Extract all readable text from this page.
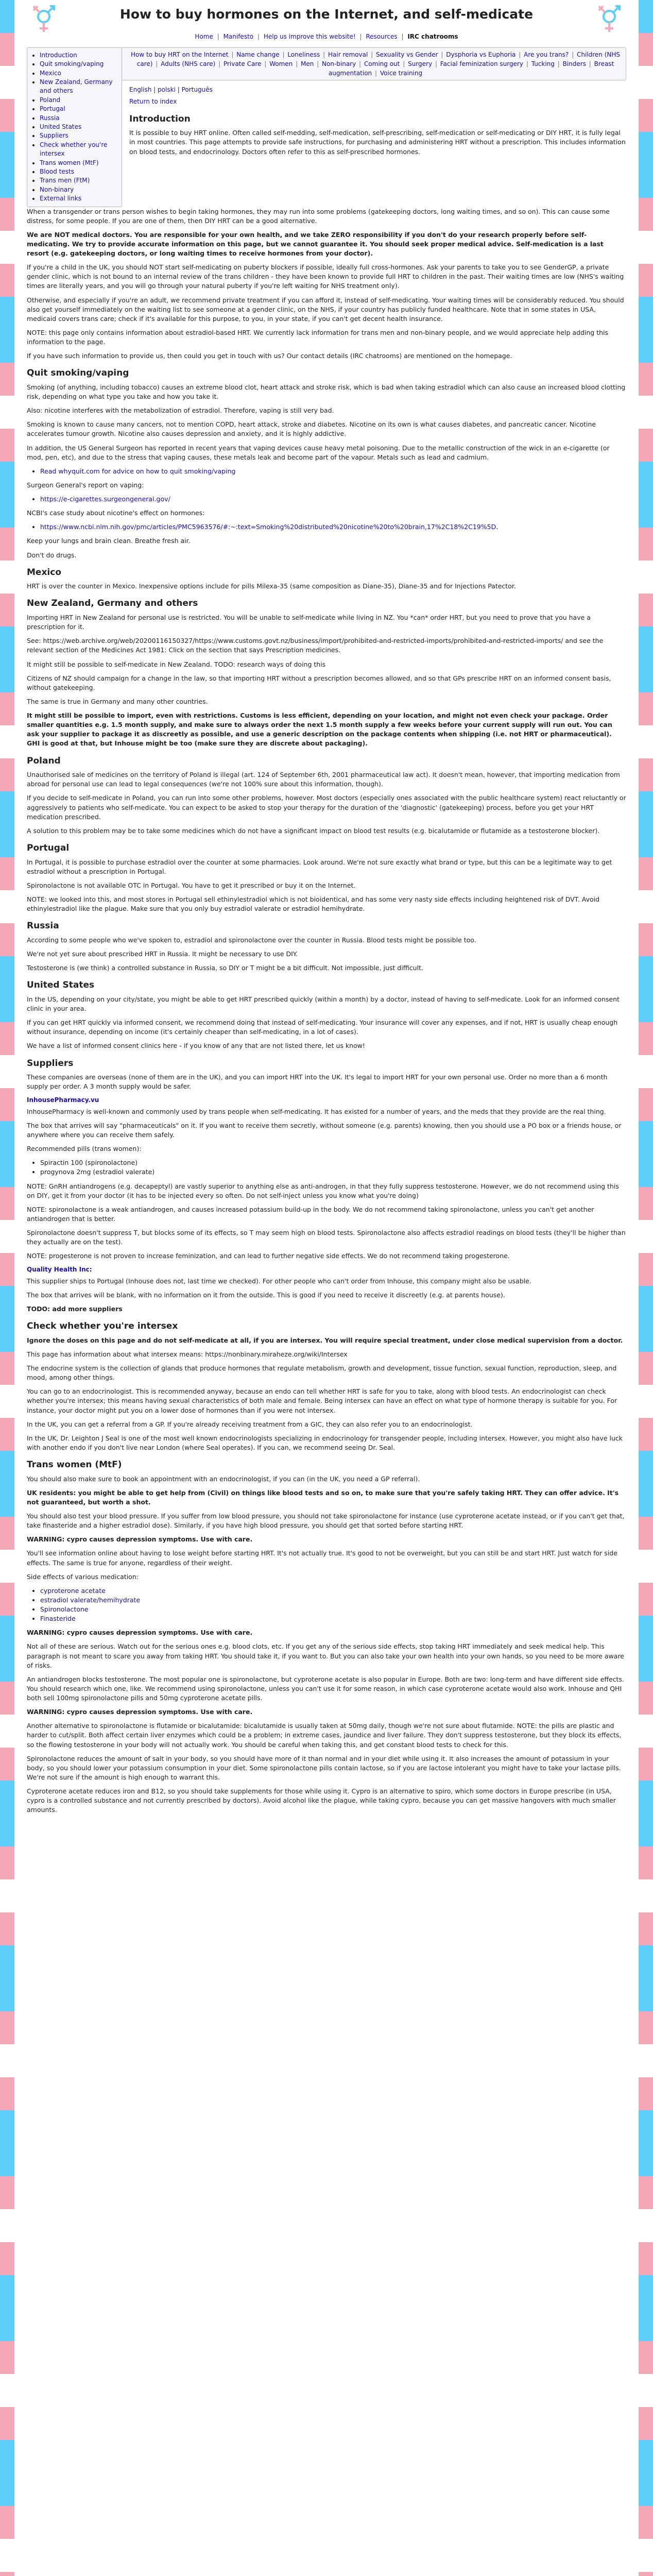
How to buy hormones on the Internet, and self-medicate
Home | Manifesto | Help us improve this website! | Resources | IRC chatrooms
• Introduction
• Quit smoking/vaping
• Mexico
• New Zealand, Germany and others
• Poland
• Portugal
• Russia
• United States
• Suppliers
• Check whether you're intersex
• Trans women (MtF)
• Blood tests
• Trans men (FtM)
• Non-binary
• External links
How to buy HRT on the Internet | Name change | Loneliness | Hair removal | Sexuality vs Gender | Dysphoria vs Euphoria | Are you trans? | Children (NHS care) | Adults (NHS care) | Private Care | Women | Men | Non-binary | Coming out | Surgery | Facial feminization surgery | Tucking | Binders | Breast augmentation | Voice training
English | polski | Português
Return to index
Introduction

It is possible to buy HRT online. Often called self-medding, self-medication, self-prescribing, self-medication or self-medicating or DIY HRT, it is fully legal in most countries. This page attempts to provide safe instructions, for purchasing and administering HRT without a prescription. This includes information on blood tests, and endocrinology. Doctors often refer to this as self-prescribed hormones.

When a transgender or trans person wishes to begin taking hormones, they may run into some problems (gatekeeping doctors, long waiting times, and so on). This can cause some distress, for some people. If you are one of them, then DIY HRT can be a good alternative.

We are NOT medical doctors. You are responsible for your own health, and we take ZERO responsibility if you don't do your research properly before self-medicating. We try to provide accurate information on this page, but we cannot guarantee it. You should seek proper medical advice. Self-medication is a last resort (e.g. gatekeeping doctors, or long waiting times to receive hormones from your doctor).

If you're a child in the UK, you should NOT start self-medicating on puberty blockers if possible, ideally full cross-hormones. Ask your parents to take you to see GenderGP, a private gender clinic, which is not bound to an internal review of the trans children - they have been known to provide full HRT to children in the past. Their waiting times are low (NHS's waiting times are literally years, and you will go through your natural puberty if you're left waiting for NHS treatment only).

Otherwise, and especially if you're an adult, we recommend private treatment if you can afford it, instead of self-medicating. Your waiting times will be considerably reduced. You should also get yourself immediately on the waiting list to see someone at a gender clinic, on the NHS, if your country has publicly funded healthcare. Note that in some states in USA, medicaid covers trans care; check if it's available for this purpose, to you, in your state, if you can't get decent health insurance.

NOTE: this page only contains information about estradiol-based HRT. We currently lack information for trans men and non-binary people, and we would appreciate help adding this information to the page.

If you have such information to provide us, then could you get in touch with us? Our contact details (IRC chatrooms) are mentioned on the homepage.

Quit smoking/vaping

Smoking (of anything, including tobacco) causes an extreme blood clot, heart attack and stroke risk, which is bad when taking estradiol which can also cause an increased blood clotting risk, depending on what type you take and how you take it.

Also: nicotine interferes with the metabolization of estradiol. Therefore, vaping is still very bad.

Smoking is known to cause many cancers, not to mention COPD, heart attack, stroke and diabetes. Nicotine on its own is what causes diabetes, and pancreatic cancer. Nicotine accelerates tumour growth. Nicotine also causes depression and anxiety, and it is highly addictive.

In addition, the US General Surgeon has reported in recent years that vaping devices cause heavy metal poisoning. Due to the metallic construction of the wick in an e-cigarette (or mod, pen, etc), and due to the stress that vaping causes, these metals leak and become part of the vapour. Metals such as lead and cadmium.

• Read whyquit.com for advice on how to quit smoking/vaping

Surgeon General's report on vaping:

• https://e-cigarettes.surgeongeneral.gov/

NCBI's case study about nicotine's effect on hormones:

• https://www.ncbi.nlm.nih.gov/pmc/articles/PMC5963576/#:~:text=Smoking%20distributed%20nicotine%20to%20brain,17%2C18%2C19%5D.

Keep your lungs and brain clean. Breathe fresh air.

Don't do drugs.

Mexico

HRT is over the counter in Mexico. Inexpensive options include for pills Milexa-35 (same composition as Diane-35), Diane-35 and for Injections Patector.

New Zealand, Germany and others

Importing HRT in New Zealand for personal use is restricted. You will be unable to self-medicate while living in NZ. You *can* order HRT, but you need to prove that you have a prescription for it.

See: https://web.archive.org/web/20200116150327/https://www.customs.govt.nz/business/import/prohibited-and-restricted-imports/prohibited-and-restricted-imports/ and see the relevant section of the Medicines Act 1981: Click on the section that says Prescription medicines.

It might still be possible to self-medicate in New Zealand. TODO: research ways of doing this

Citizens of NZ should campaign for a change in the law, so that importing HRT without a prescription becomes allowed, and so that GPs prescribe HRT on an informed consent basis, without gatekeeping.

The same is true in Germany and many other countries.

It might still be possible to import, even with restrictions. Customs is less efficient, depending on your location, and might not even check your package. Order smaller quantities e.g. 1.5 month supply, and make sure to always order the next 1.5 month supply a few weeks before your current supply will run out. You can ask your supplier to package it as discreetly as possible, and use a generic description on the package contents when shipping (i.e. not HRT or pharmaceutical). GHI is good at that, but Inhouse might be too (make sure they are discrete about packaging).

Poland

Unauthorised sale of medicines on the territory of Poland is illegal (art. 124 of September 6th, 2001 pharmaceutical law act). It doesn't mean, however, that importing medication from abroad for personal use can lead to legal consequences (we're not 100% sure about this information, though).

If you decide to self-medicate in Poland, you can run into some other problems, however. Most doctors (especially ones associated with the public healthcare system) react reluctantly or aggressively to patients who self-medicate. You can expect to be asked to stop your therapy for the duration of the 'diagnostic' (gatekeeping) process, before you get your HRT medication prescribed.

A solution to this problem may be to take some medicines which do not have a significant impact on blood test results (e.g. bicalutamide or flutamide as a testosterone blocker).

Portugal

In Portugal, it is possible to purchase estradiol over the counter at some pharmacies. Look around. We're not sure exactly what brand or type, but this can be a legitimate way to get estradiol without a prescription in Portugal.

Spironolactone is not available OTC in Portugal. You have to get it prescribed or buy it on the Internet.

NOTE: we looked into this, and most stores in Portugal sell ethinylestradiol which is not bioidentical, and has some very nasty side effects including heightened risk of DVT. Avoid ethinylestradiol like the plague. Make sure that you only buy estradiol valerate or estradiol hemihydrate.

Russia

According to some people who we've spoken to, estradiol and spironolactone over the counter in Russia. Blood tests might be possible too.

We're not yet sure about prescribed HRT in Russia. It might be necessary to use DIY.

Testosterone is (we think) a controlled substance in Russia, so DIY or T might be a bit difficult. Not impossible, just difficult.

United States

In the US, depending on your city/state, you might be able to get HRT prescribed quickly (within a month) by a doctor, instead of having to self-medicate. Look for an informed consent clinic in your area.

If you can get HRT quickly via informed consent, we recommend doing that instead of self-medicating. Your insurance will cover any expenses, and if not, HRT is usually cheap enough without insurance, depending on income (it's certainly cheaper than self-medicating, in a lot of cases).

We have a list of informed consent clinics here - if you know of any that are not listed there, let us know!

Suppliers

These companies are overseas (none of them are in the UK), and you can import HRT into the UK. It's legal to import HRT for your own personal use. Order no more than a 6 month supply per order. A 3 month supply would be safer.

InhousePharmacy.vu

InhousePharmacy is well-known and commonly used by trans people when self-medicating. It has existed for a number of years, and the meds that they provide are the real thing.

The box that arrives will say "pharmaceuticals" on it. If you want to receive them secretly, without someone (e.g. parents) knowing, then you should use a PO box or a friends house, or anywhere where you can receive them safely.

Recommended pills (trans women):

• Spiractin 100 (spironolactone)
• progynova 2mg (estradiol valerate)

NOTE: GnRH antiandrogens (e.g. decapeptyl) are vastly superior to anything else as anti-androgen, in that they fully suppress testosterone. However, we do not recommend using this on DIY, get it from your doctor (it has to be injected every so often. Do not self-inject unless you know what you're doing)

NOTE: spironolactone is a weak antiandrogen, and causes increased potassium build-up in the body. We do not recommend taking spironolactone, unless you can't get another antiandrogen that is better.

Spironolactone doesn't suppress T, but blocks some of its effects, so T may seem high on blood tests. Spironolactone also affects estradiol readings on blood tests (they'll be higher than they actually are on the test).

NOTE: progesterone is not proven to increase feminization, and can lead to further negative side effects. We do not recommend taking progesterone.

Quality Health Inc:

This supplier ships to Portugal (Inhouse does not, last time we checked). For other people who can't order from Inhouse, this company might also be usable.

The box that arrives will be blank, with no information on it from the outside. This is good if you need to receive it discreetly (e.g. at parents house).

TODO: add more suppliers

Check whether you're intersex

Ignore the doses on this page and do not self-medicate at all, if you are intersex. You will require special treatment, under close medical supervision from a doctor.

This page has information about what intersex means: https://nonbinary.miraheze.org/wiki/Intersex

The endocrine system is the collection of glands that produce hormones that regulate metabolism, growth and development, tissue function, sexual function, reproduction, sleep, and mood, among other things.

You can go to an endocrinologist. This is recommended anyway, because an endo can tell whether HRT is safe for you to take, along with blood tests. An endocrinologist can check whether you're intersex; this means having sexual characteristics of both male and female. Being intersex can have an effect on what type of hormone therapy is suitable for you. For instance, your doctor might put you on a lower dose of hormones than if you were not intersex.

In the UK, you can get a referral from a GP. If you're already receiving treatment from a GIC, they can also refer you to an endocrinologist.

In the UK, Dr. Leighton J Seal is one of the most well known endocrinologists specializing in endocrinology for transgender people, including intersex. However, you might also have luck with another endo if you don't live near London (where Seal operates). If you can, we recommend seeing Dr. Seal.

Trans women (MtF)

You should also make sure to book an appointment with an endocrinologist, if you can (in the UK, you need a GP referral).

UK residents: you might be able to get help from (Civil) on things like blood tests and so on, to make sure that you're safely taking HRT. They can offer advice. It's not guaranteed, but worth a shot.

You should also test your blood pressure. If you suffer from low blood pressure, you should not take spironolactone for instance (use cyproterone acetate instead, or if you can't get that, take finasteride and a higher estradiol dose). Similarly, if you have high blood pressure, you should get that sorted before starting HRT.

WARNING: cypro causes depression symptoms. Use with care.

You'll see information online about having to lose weight before starting HRT. It's not actually true. It's good to not be overweight, but you can still be and start HRT. Just watch for side effects. The same is true for anyone, regardless of their weight.

Side effects of various medication:

• cyproterone acetate
• estradiol valerate/hemihydrate
• Spironolactone
• Finasteride

WARNING: cypro causes depression symptoms. Use with care.

Not all of these are serious. Watch out for the serious ones e.g. blood clots, etc. If you get any of the serious side effects, stop taking HRT immediately and seek medical help. This paragraph is not meant to scare you away from taking HRT. You should take it, if you want to. But you can also take your own health into your own hands, so you need to be more aware of risks.

An antiandrogen blocks testosterone. The most popular one is spironolactone, but cyproterone acetate is also popular in Europe. Both are two: long-term and have different side effects. You should research which one, like. We recommend using spironolactone, unless you can't use it for some reason, in which case cyproterone acetate would also work. Inhouse and QHI both sell 100mg spironolactone pills and 50mg cyproterone acetate pills.

WARNING: cypro causes depression symptoms. Use with care.

Another alternative to spironolactone is flutamide or bicalutamide: bicalutamide is usually taken at 50mg daily, though we're not sure about flutamide. NOTE: the pills are plastic and harder to cut/split. Both affect certain liver enzymes which could be a problem; in extreme cases, jaundice and liver failure. They don't suppress testosterone, but they block its effects, so the flowing testosterone in your body will not actually work. You should be careful when taking this, and get constant blood tests to check for this.

Spironolactone reduces the amount of salt in your body, so you should have more of it than normal and in your diet while using it. It also increases the amount of potassium in your body, so you should lower your potassium consumption in your diet. Some spironolactone pills contain lactose, so if you are lactose intolerant you might have to take your lactase pills. We're not sure if the amount is high enough to warrant this.

Cyproterone acetate reduces iron and B12, so you should take supplements for those while using it. Cypro is an alternative to spiro, which some doctors in Europe prescribe (in USA, cypro is a controlled substance and not currently prescribed by doctors). Avoid alcohol like the plague, while taking cypro, because you can get massive hangovers with much smaller amounts.
